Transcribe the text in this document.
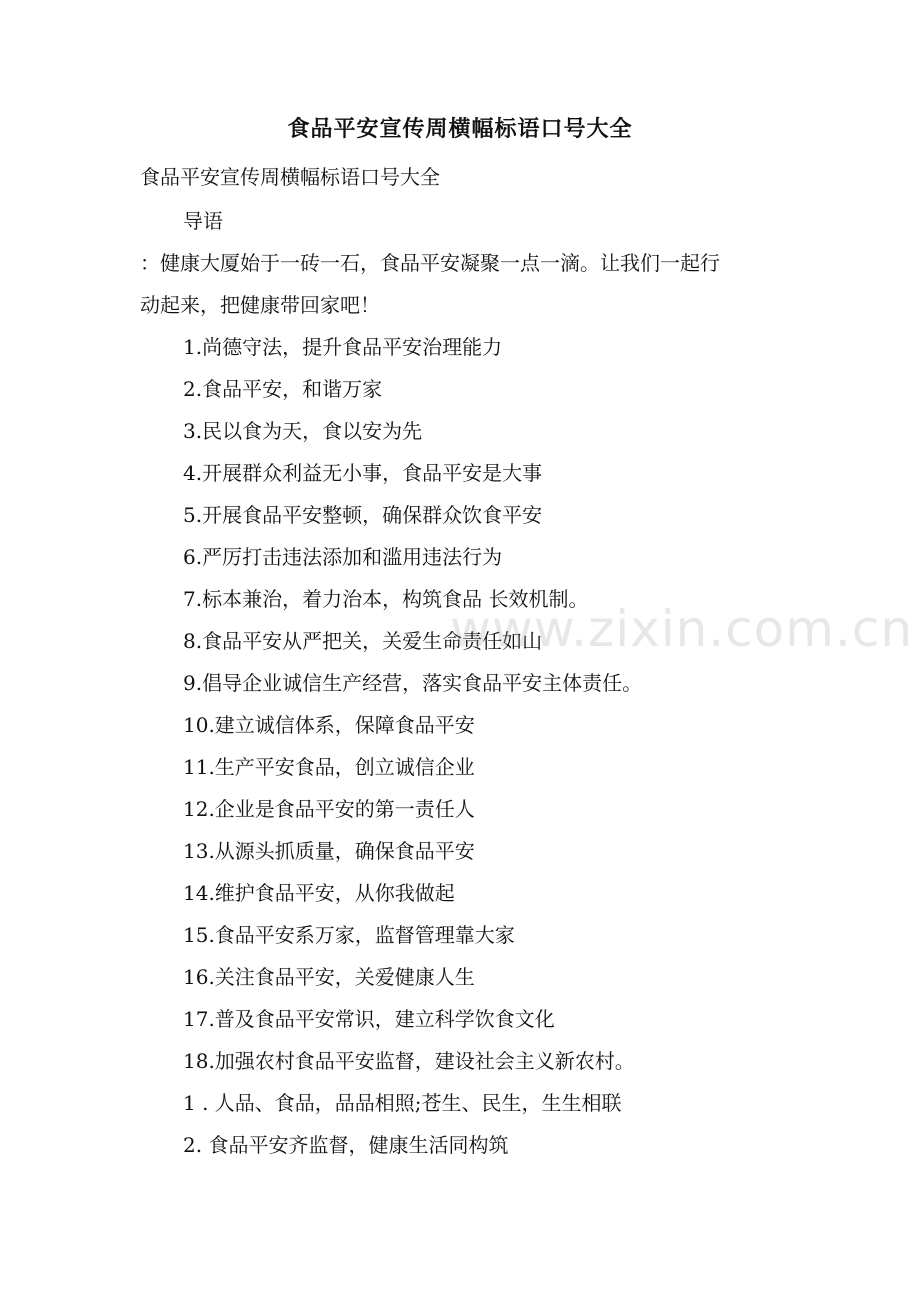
食品平安宣传周横幅标语口号大全
食品平安宣传周横幅标语口号大全
导语
：健康大厦始于一砖一石，食品平安凝聚一点一滴。让我们一起行
动起来，把健康带回家吧！
1.尚德守法，提升食品平安治理能力
2.食品平安，和谐万家
3.民以食为天，食以安为先
4.开展群众利益无小事，食品平安是大事
5.开展食品平安整顿，确保群众饮食平安
6.严厉打击违法添加和滥用违法行为
7.标本兼治，着力治本，构筑食品 长效机制。
8.食品平安从严把关，关爱生命责任如山
9.倡导企业诚信生产经营，落实食品平安主体责任。
10.建立诚信体系，保障食品平安
11.生产平安食品，创立诚信企业
12.企业是食品平安的第一责任人
13.从源头抓质量，确保食品平安
14.维护食品平安，从你我做起
15.食品平安系万家，监督管理靠大家
16.关注食品平安，关爱健康人生
17.普及食品平安常识，建立科学饮食文化
18.加强农村食品平安监督，建设社会主义新农村。
1 . 人品、食品，品品相照;苍生、民生，生生相联
2. 食品平安齐监督，健康生活同构筑
www.zixin.com.cn
